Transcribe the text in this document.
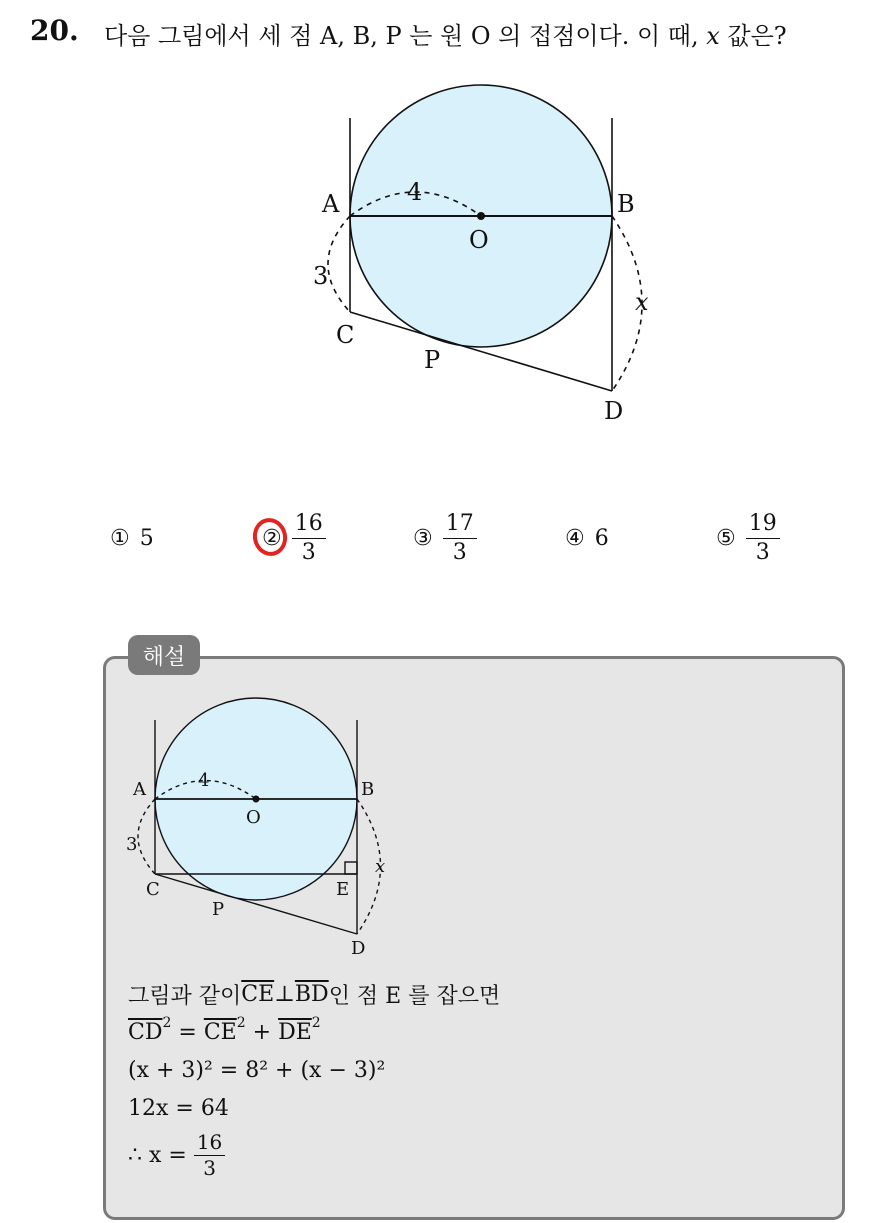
20. 다음 그림에서 세 점 A, B, P 는 원 O 의 접점이다. 이 때, x 값은?
A	B
O
C
P
D
4
3
x
① 5	② $\frac{16}{3}$	③ $\frac{17}{3}$	④ 6	⑤ $\frac{19}{3}$
해설
A	B
O
C	E
P
D
4
3
x
그림과 같이 $\overline{CE}$ ⊥ $\overline{BD}$ 인 점 E 를 잡으면
$\overline{CD}$ $2 = \overline{CE}$ $2 + \overline{DE}$ 2
(x + 3)² = 8² + (x − 3)²
12x = 64
∴ $x = \frac{16}{3}$
